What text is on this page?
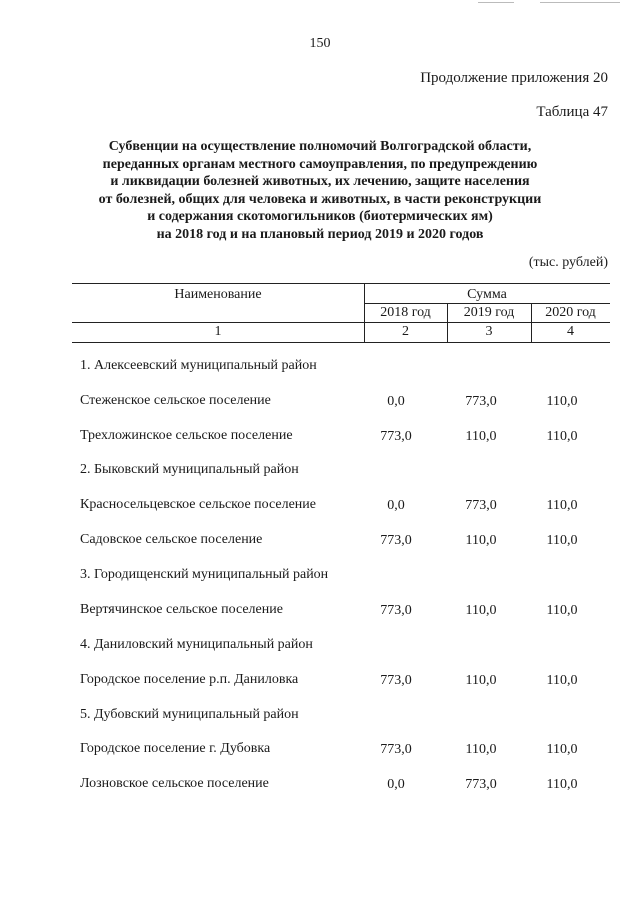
150
Продолжение приложения 20
Таблица 47
Субвенции на осуществление полномочий Волгоградской области,
переданных органам местного самоуправления, по предупреждению
и ликвидации болезней животных, их лечению, защите населения
от болезней, общих для человека и животных, в части реконструкции
и содержания скотомогильников (биотермических ям)
на 2018 год и на плановый период 2019 и 2020 годов
(тыс. рублей)
Наименование	Сумма
2018 год	2019 год	2020 год
1	2	3	4
1. Алексеевский муниципальный район
Стеженское сельское поселение	0,0	773,0	110,0
Трехложинское сельское поселение	773,0	110,0	110,0
2. Быковский муниципальный район
Красносельцевское сельское поселение	0,0	773,0	110,0
Садовское сельское поселение	773,0	110,0	110,0
3. Городищенский муниципальный район
Вертячинское сельское поселение	773,0	110,0	110,0
4. Даниловский муниципальный район
Городское поселение р.п. Даниловка	773,0	110,0	110,0
5. Дубовский муниципальный район
Городское поселение г. Дубовка	773,0	110,0	110,0
Лозновское сельское поселение	0,0	773,0	110,0
